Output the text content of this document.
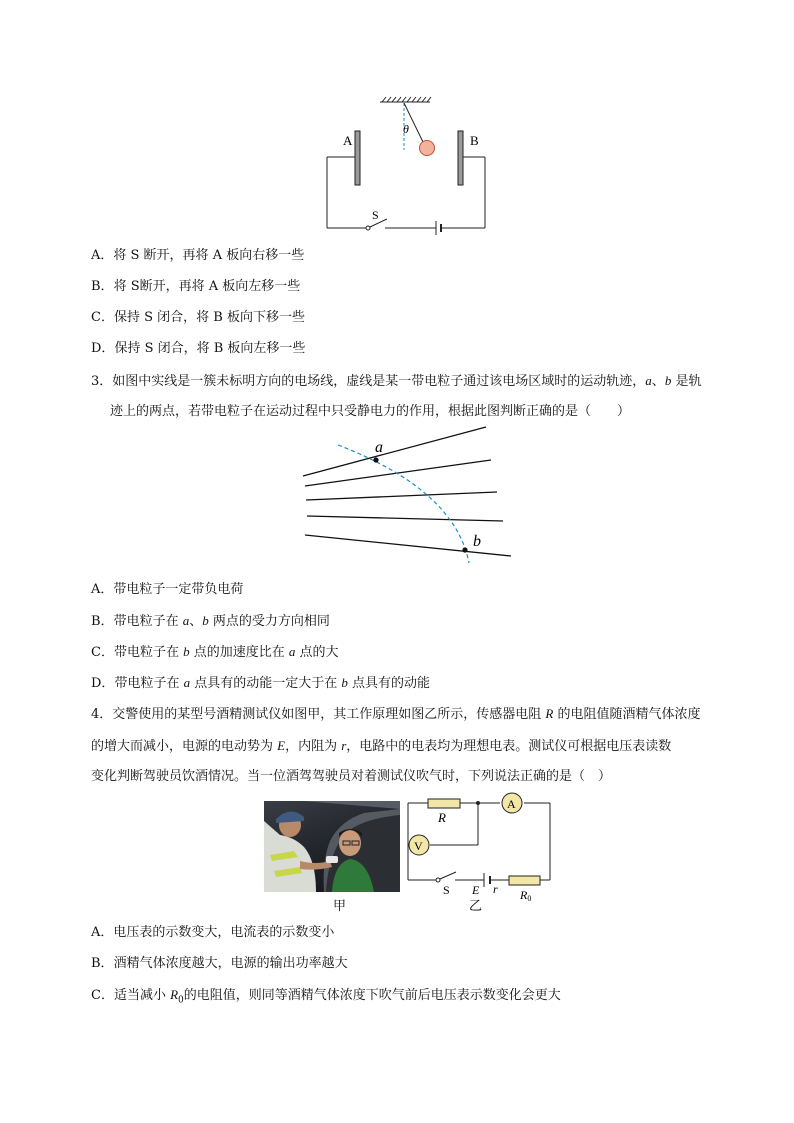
A	B
S
θ
A．将 S 断开，再将 A 板向右移一些
B．将 S断开，再将 A 板向左移一些
C．保持 S 闭合，将 B 板向下移一些
D．保持 S 闭合，将 B 板向左移一些
3．如图中实线是一簇未标明方向的电场线，虚线是某一带电粒子通过该电场区域时的运动轨迹，a、b 是轨
迹上的两点，若带电粒子在运动过程中只受静电力的作用，根据此图判断正确的是（　　）
a
b
A．带电粒子一定带负电荷
B．带电粒子在 a、b 两点的受力方向相同
C．带电粒子在 b 点的加速度比在 a 点的大
D．带电粒子在 a 点具有的动能一定大于在 b 点具有的动能
4．交警使用的某型号酒精测试仪如图甲，其工作原理如图乙所示，传感器电阻 R 的电阻值随酒精气体浓度
的增大而减小，电源的电动势为 E，内阻为 r，电路中的电表均为理想电表。测试仪可根据电压表读数
变化判断驾驶员饮酒情况。当一位酒驾驾驶员对着测试仪吹气时，下列说法正确的是（　）
甲
R
A
V
S E r R0
乙
A．电压表的示数变大，电流表的示数变小
B．酒精气体浓度越大，电源的输出功率越大
C．适当减小 $R_0$的电阻值，则同等酒精气体浓度下吹气前后电压表示数变化会更大
